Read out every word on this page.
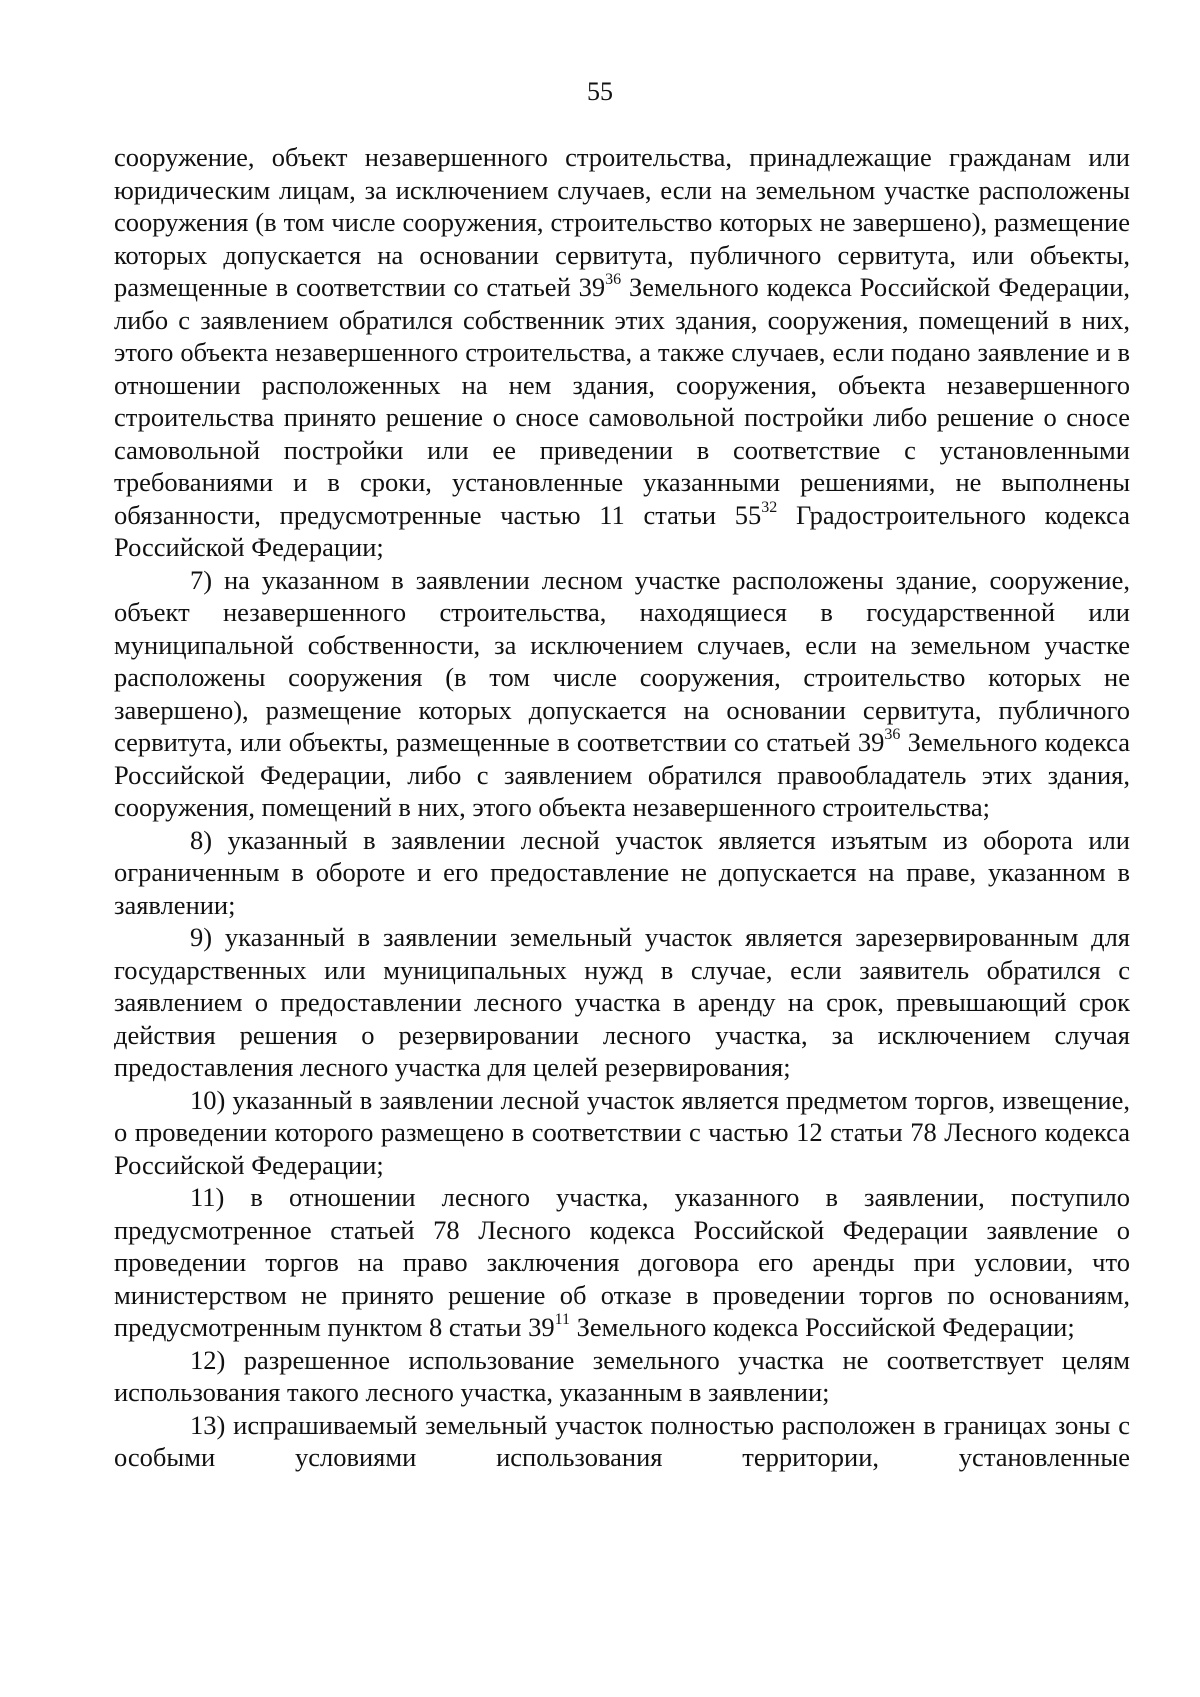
55

сооружение, объект незавершенного строительства, принадлежащие гражданам или юридическим лицам, за исключением случаев, если на земельном участке расположены сооружения (в том числе сооружения, строительство которых не завершено), размещение которых допускается на основании сервитута, публичного сервитута, или объекты, размещенные в соответствии со статьей $39^{36}$ Земельного кодекса Российской Федерации, либо с заявлением обратился собственник этих здания, сооружения, помещений в них, этого объекта незавершенного строительства, а также случаев, если подано заявление и в отношении расположенных на нем здания, сооружения, объекта незавершенного строительства принято решение о сносе самовольной постройки либо решение о сносе самовольной постройки или ее приведении в соответствие с установленными требованиями и в сроки, установленные указанными решениями, не выполнены обязанности, предусмотренные частью 11 статьи $55^{32}$ Градостроительного кодекса Российской Федерации;

7) на указанном в заявлении лесном участке расположены здание, сооружение, объект незавершенного строительства, находящиеся в государственной или муниципальной собственности, за исключением случаев, если на земельном участке расположены сооружения (в том числе сооружения, строительство которых не завершено), размещение которых допускается на основании сервитута, публичного сервитута, или объекты, размещенные в соответствии со статьей $39^{36}$ Земельного кодекса Российской Федерации, либо с заявлением обратился правообладатель этих здания, сооружения, помещений в них, этого объекта незавершенного строительства;

8) указанный в заявлении лесной участок является изъятым из оборота или ограниченным в обороте и его предоставление не допускается на праве, указанном в заявлении;

9) указанный в заявлении земельный участок является зарезервированным для государственных или муниципальных нужд в случае, если заявитель обратился с заявлением о предоставлении лесного участка в аренду на срок, превышающий срок действия решения о резервировании лесного участка, за исключением случая предоставления лесного участка для целей резервирования;

10) указанный в заявлении лесной участок является предметом торгов, извещение, о проведении которого размещено в соответствии с частью 12 статьи 78 Лесного кодекса Российской Федерации;

11) в отношении лесного участка, указанного в заявлении, поступило предусмотренное статьей 78 Лесного кодекса Российской Федерации заявление о проведении торгов на право заключения договора его аренды при условии, что министерством не принято решение об отказе в проведении торгов по основаниям, предусмотренным пунктом 8 статьи $39^{11}$ Земельного кодекса Российской Федерации;

12) разрешенное использование земельного участка не соответствует целям использования такого лесного участка, указанным в заявлении;

13) испрашиваемый земельный участок полностью расположен в границах зоны с особыми условиями использования территории, установленные
